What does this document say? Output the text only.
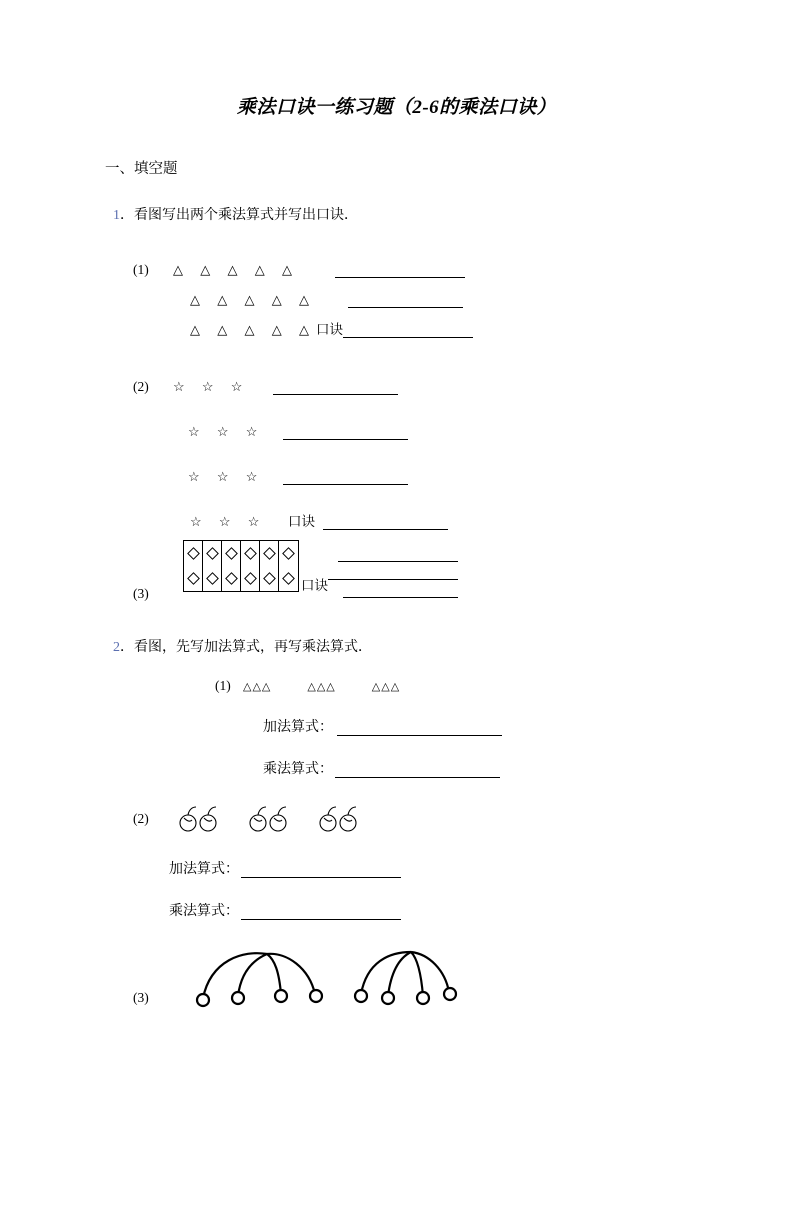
乘法口诀一练习题（2-6的乘法口诀）
一、填空题
1．看图写出两个乘法算式并写出口诀．
(1)	△ △ △ △ △
△ △ △ △ △
△ △ △ △ △ 口诀
(2)	☆ ☆ ☆
☆ ☆ ☆
☆ ☆ ☆
☆ ☆ ☆	口诀
(3)
口诀
2．看图，先写加法算式，再写乘法算式．
(1)	△△△	△△△	△△△
加法算式：
乘法算式：
(2)
加法算式：
乘法算式：
(3)
